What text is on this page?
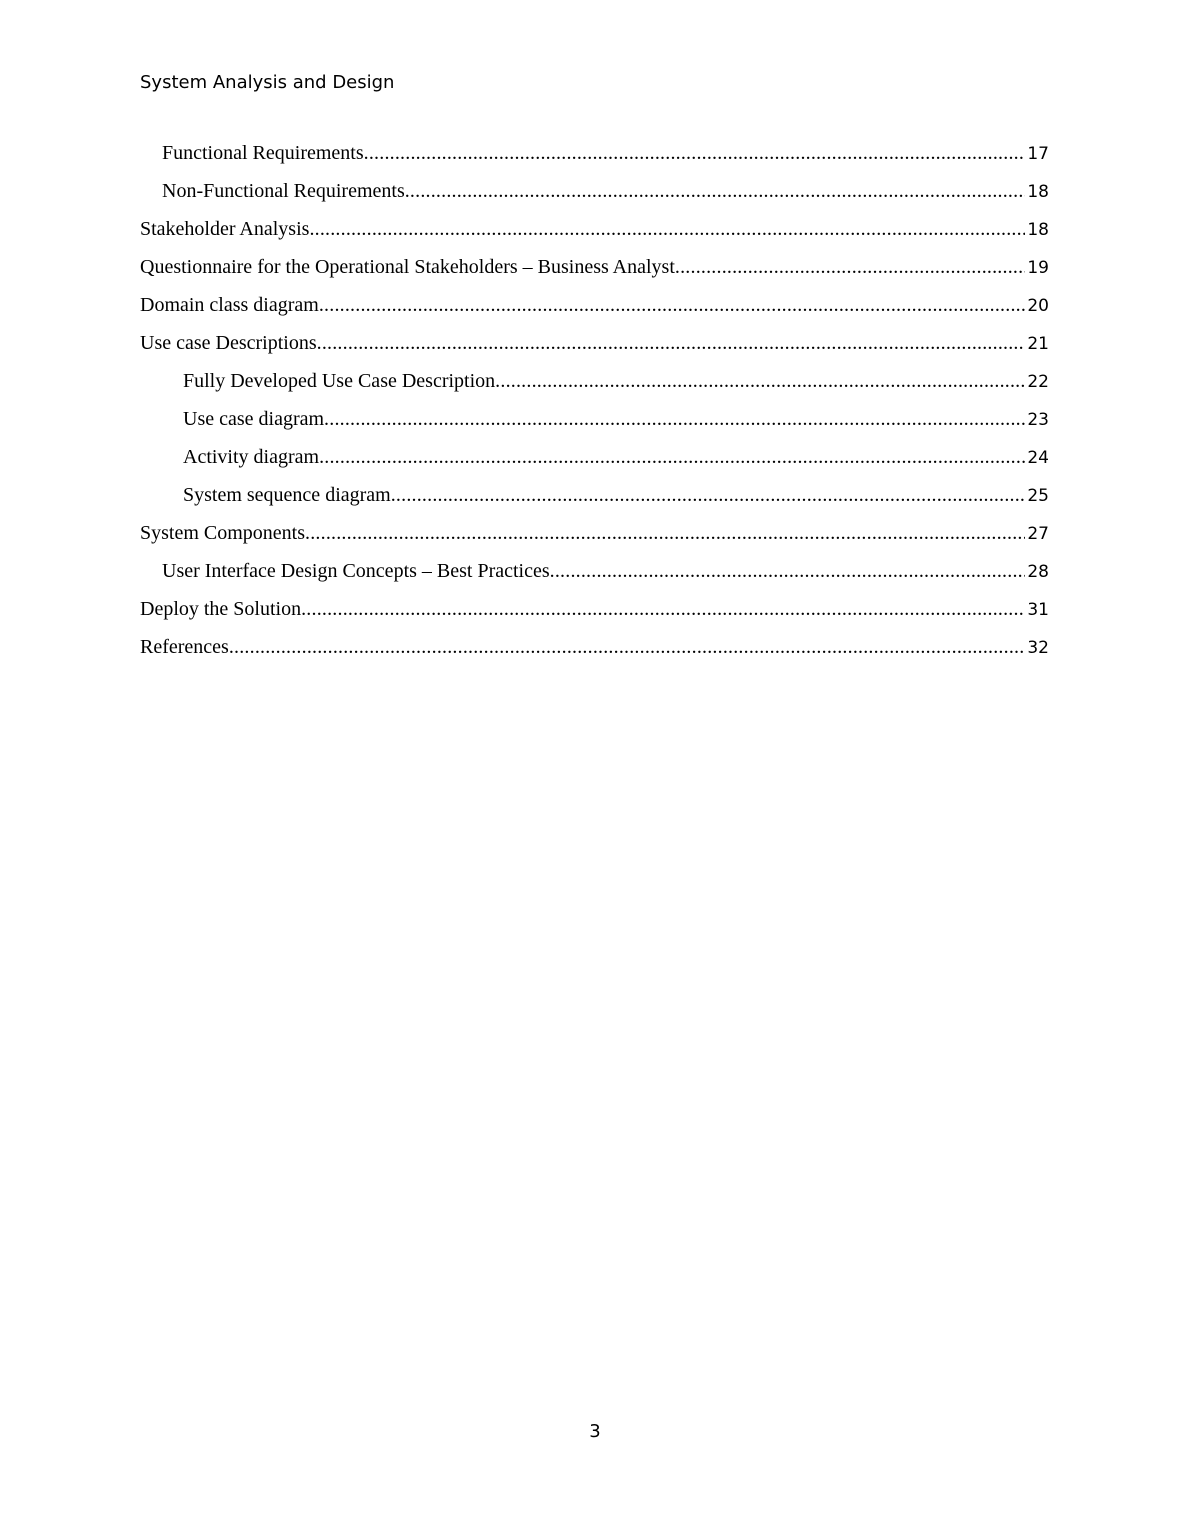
System Analysis and Design
Functional Requirements .....	17
Non-Functional Requirements .....	18
Stakeholder Analysis .....	18
Questionnaire for the Operational Stakeholders – Business Analyst .....	19
Domain class diagram .....	20
Use case Descriptions .....	21
Fully Developed Use Case Description .....	22
Use case diagram .....	23
Activity diagram .....	24
System sequence diagram .....	25
System Components .....	27
User Interface Design Concepts – Best Practices .....	28
Deploy the Solution .....	31
References .....	32
3
